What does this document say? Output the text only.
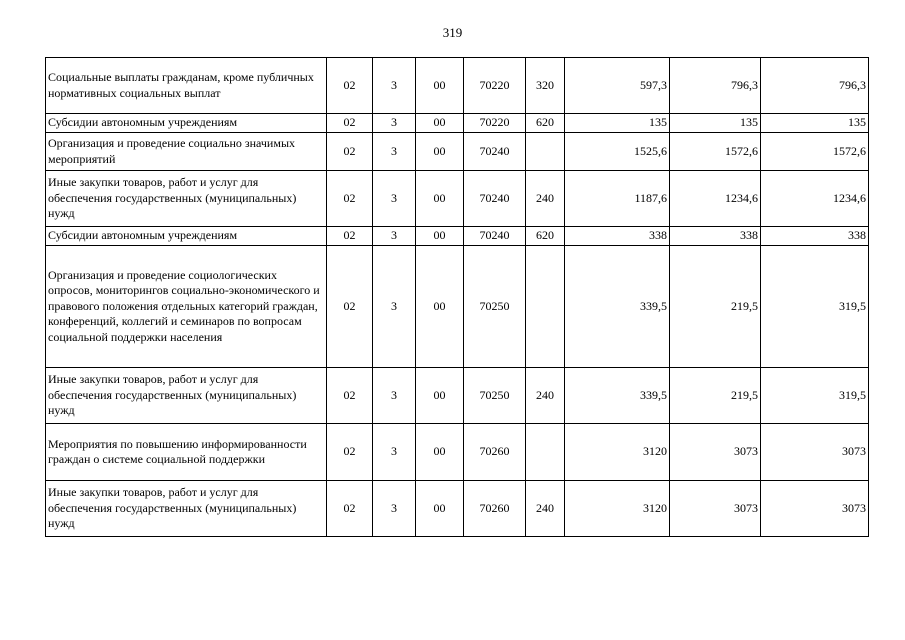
319
Социальные выплаты гражданам, кроме публичных нормативных социальных выплат	02	3	00	70220	320	597,3	796,3	796,3
Субсидии автономным учреждениям	02	3	00	70220	620	135	135	135
Организация и проведение социально значимых мероприятий	02	3	00	70240		1525,6	1572,6	1572,6
Иные закупки товаров, работ и услуг для обеспечения государственных (муниципальных) нужд	02	3	00	70240	240	1187,6	1234,6	1234,6
Субсидии автономным учреждениям	02	3	00	70240	620	338	338	338
Организация и проведение социологических опросов, мониторингов социально-экономического и правового положения отдельных категорий граждан, конференций, коллегий и семинаров по вопросам социальной поддержки населения	02	3	00	70250		339,5	219,5	319,5
Иные закупки товаров, работ и услуг для обеспечения государственных (муниципальных) нужд	02	3	00	70250	240	339,5	219,5	319,5
Мероприятия по повышению информированности граждан о системе социальной поддержки	02	3	00	70260		3120	3073	3073
Иные закупки товаров, работ и услуг для обеспечения государственных (муниципальных) нужд	02	3	00	70260	240	3120	3073	3073
